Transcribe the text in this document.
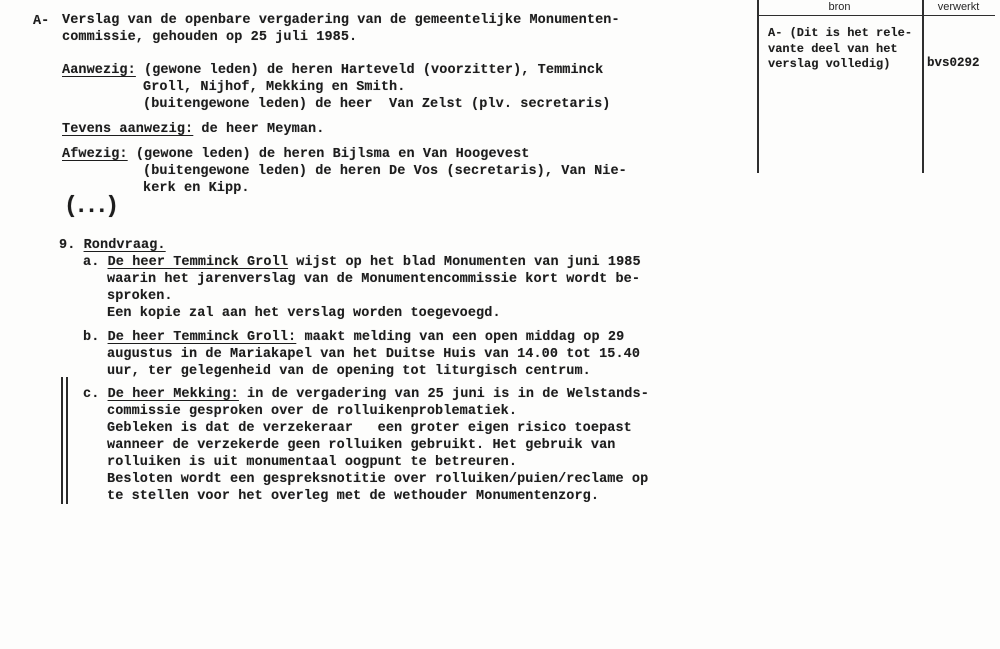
A- Verslag van de openbare vergadering van de gemeentelijke Monumenten-
commissie, gehouden op 25 juli 1985.
Aanwezig: (gewone leden) de heren Harteveld (voorzitter), Temminck
Groll, Nijhof, Mekking en Smith.
(buitengewone leden) de heer  Van Zelst (plv. secretaris)
Tevens aanwezig: de heer Meyman.
Afwezig: (gewone leden) de heren Bijlsma en Van Hoogevest
(buitengewone leden) de heren De Vos (secretaris), Van Nie-
kerk en Kipp.
(...)
9. Rondvraag.
a. De heer Temminck Groll wijst op het blad Monumenten van juni 1985
waarin het jarenverslag van de Monumentencommissie kort wordt be-
sproken.
Een kopie zal aan het verslag worden toegevoegd.
b. De heer Temminck Groll: maakt melding van een open middag op 29
augustus in de Mariakapel van het Duitse Huis van 14.00 tot 15.40
uur, ter gelegenheid van de opening tot liturgisch centrum.
c. De heer Mekking: in de vergadering van 25 juni is in de Welstands-
commissie gesproken over de rolluikenproblematiek.
Gebleken is dat de verzekeraar   een groter eigen risico toepast
wanneer de verzekerde geen rolluiken gebruikt. Het gebruik van
rolluiken is uit monumentaal oogpunt te betreuren.
Besloten wordt een gespreksnotitie over rolluiken/puien/reclame op
te stellen voor het overleg met de wethouder Monumentenzorg.
bron	verwerkt
A- (Dit is het rele-
vante deel van het
verslag volledig)	bvs0292
